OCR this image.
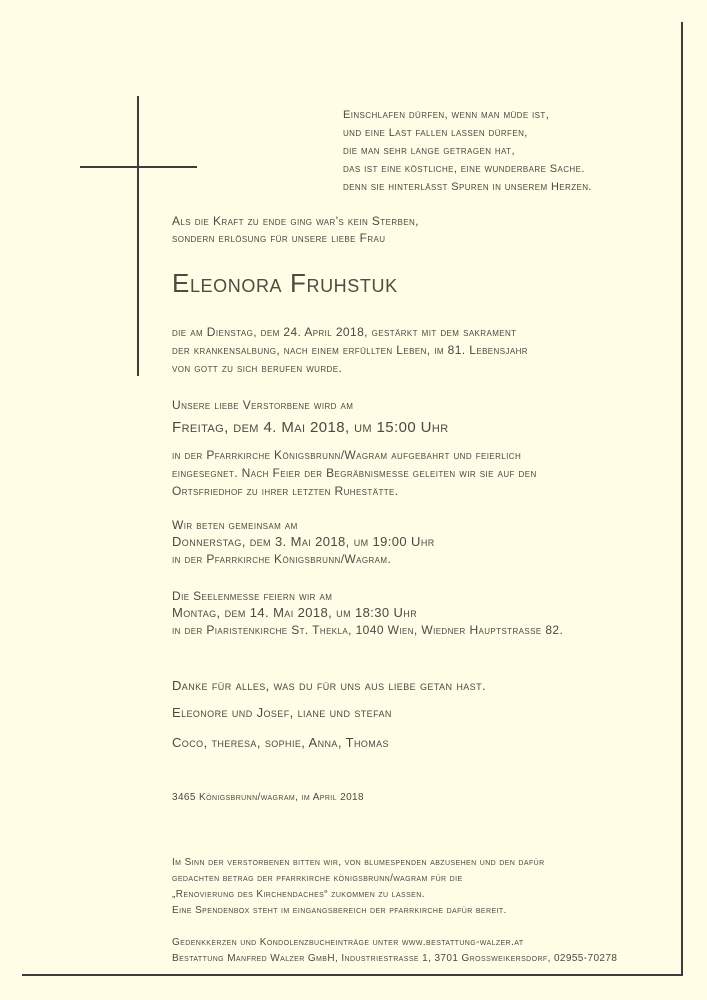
Einschlafen dürfen, wenn man müde ist,
und eine Last fallen lassen dürfen,
die man sehr lange getragen hat,
das ist eine köstliche, eine wunderbare Sache.
denn sie hinterlässt Spuren in unserem Herzen.
Als die Kraft zu ende ging war's kein Sterben,
sondern erlösung für unsere liebe Frau
Eleonora Fruhstuk
die am Dienstag, dem 24. April 2018, gestärkt mit dem sakrament
der krankensalbung, nach einem erfüllten Leben, im 81. Lebensjahr
von gott zu sich berufen wurde.
Unsere liebe Verstorbene wird am
Freitag, dem 4. Mai 2018, um 15:00 Uhr
in der Pfarrkirche Königsbrunn/Wagram aufgebahrt und feierlich
eingesegnet. Nach Feier der Begräbnismesse geleiten wir sie auf den
Ortsfriedhof zu ihrer letzten Ruhestätte.
Wir beten gemeinsam am
Donnerstag, dem 3. Mai 2018, um 19:00 Uhr
in der Pfarrkirche Königsbrunn/Wagram.
Die Seelenmesse feiern wir am
Montag, dem 14. Mai 2018, um 18:30 Uhr
in der Piaristenkirche St. Thekla, 1040 Wien, Wiedner Hauptstrasse 82.
Danke für alles, was du für uns aus liebe getan hast.
Eleonore und Josef, liane und stefan
Coco, theresa, sophie, Anna, Thomas
3465 Königsbrunn/wagram, im April 2018
Im Sinn der verstorbenen bitten wir, von blumespenden abzusehen und den dafür
gedachten betrag der pfarrkirche königsbrunn/wagram für die
„Renovierung des Kirchendaches“ zukommen zu lassen.
Eine Spendenbox steht im eingangsbereich der pfarrkirche dafür bereit.
Gedenkkerzen und Kondolenzbucheinträge unter www.bestattung-walzer.at
Bestattung Manfred Walzer GmbH, Industriestrasse 1, 3701 Grossweikersdorf, 02955-70278
